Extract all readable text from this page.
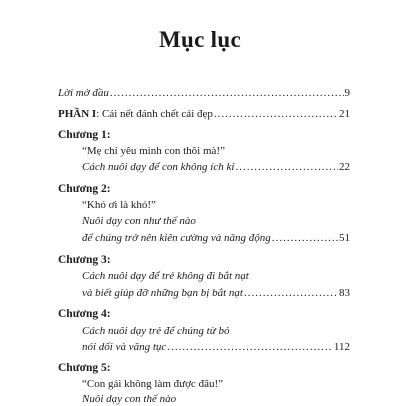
Mục lục
Lời mở đầu .....	9
PHẦN I: Cái nết đánh chết cái đẹp .....	21
Chương 1:
“Mẹ chỉ yêu mình con thôi mà!”
Cách nuôi dạy để con không ích kỉ .....	22
Chương 2:
“Khó ơi là khó!”
Nuôi dạy con như thế nào
để chúng trở nên kiên cường và năng động .....	51
Chương 3:
Cách nuôi dạy để trẻ không đi bắt nạt
và biết giúp đỡ những bạn bị bắt nạt .....	83
Chương 4:
Cách nuôi dạy trẻ để chúng từ bỏ
nói dối và văng tục .....	112
Chương 5:
“Con gái không làm được đâu!”
Nuôi dạy con thế nào
